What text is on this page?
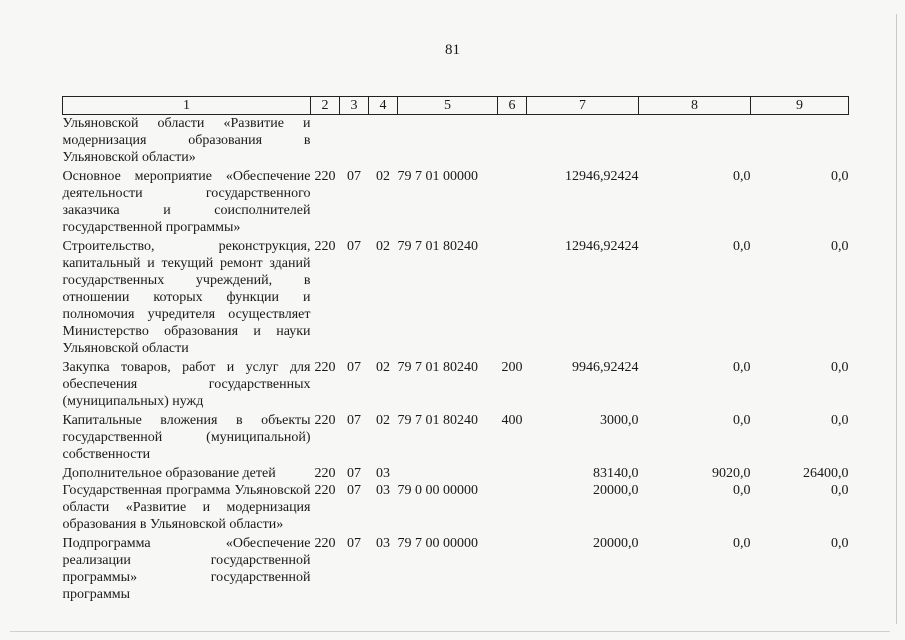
81
1	2	3	4	5	6	7	8	9
Ульяновской области «Развитие и модернизация образования в Ульяновской области»								
Основное мероприятие «Обеспечение деятельности государственного заказчика и соисполнителей государственной программы»	220	07	02	79 7 01 00000		12946,92424	0,0	0,0
Строительство, реконструкция, капитальный и текущий ремонт зданий государственных учреждений, в отношении которых функции и полномочия учредителя осуществляет Министерство образования и науки Ульяновской области	220	07	02	79 7 01 80240		12946,92424	0,0	0,0
Закупка товаров, работ и услуг для обеспечения государственных (муниципальных) нужд	220	07	02	79 7 01 80240	200	9946,92424	0,0	0,0
Капитальные вложения в объекты государственной (муниципальной) собственности	220	07	02	79 7 01 80240	400	3000,0	0,0	0,0
Дополнительное образование детей	220	07	03			83140,0	9020,0	26400,0
Государственная программа Ульяновской области «Развитие и модернизация образования в Ульяновской области»	220	07	03	79 0 00 00000		20000,0	0,0	0,0
Подпрограмма «Обеспечение реализации государственной программы» государственной программы	220	07	03	79 7 00 00000		20000,0	0,0	0,0
